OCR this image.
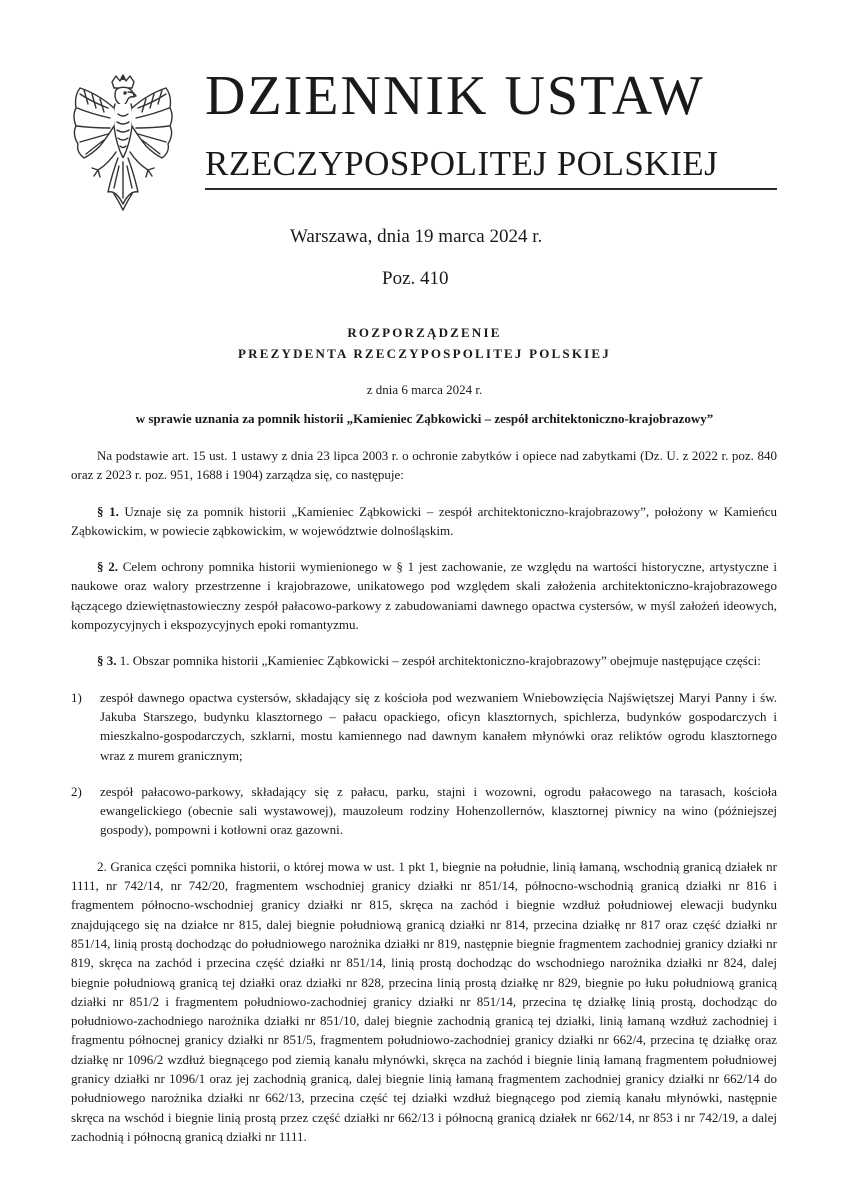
DZIENNIK USTAW
RZECZYPOSPOLITEJ POLSKIEJ
Warszawa, dnia 19 marca 2024 r.
Poz. 410
ROZPORZĄDZENIE
PREZYDENTA RZECZYPOSPOLITEJ POLSKIEJ
z dnia 6 marca 2024 r.
w sprawie uznania za pomnik historii „Kamieniec Ząbkowicki – zespół architektoniczno-krajobrazowy”

Na podstawie art. 15 ust. 1 ustawy z dnia 23 lipca 2003 r. o ochronie zabytków i opiece nad zabytkami (Dz. U. z 2022 r. poz. 840 oraz z 2023 r. poz. 951, 1688 i 1904) zarządza się, co następuje:

§ 1. Uznaje się za pomnik historii „Kamieniec Ząbkowicki – zespół architektoniczno-krajobrazowy”, położony w Kamieńcu Ząbkowickim, w powiecie ząbkowickim, w województwie dolnośląskim.

§ 2. Celem ochrony pomnika historii wymienionego w § 1 jest zachowanie, ze względu na wartości historyczne, artystyczne i naukowe oraz walory przestrzenne i krajobrazowe, unikatowego pod względem skali założenia architektoniczno-krajobrazowego łączącego dziewiętnastowieczny zespół pałacowo-parkowy z zabudowaniami dawnego opactwa cystersów, w myśl założeń ideowych, kompozycyjnych i ekspozycyjnych epoki romantyzmu.

§ 3. 1. Obszar pomnika historii „Kamieniec Ząbkowicki – zespół architektoniczno-krajobrazowy” obejmuje następujące części:

1) zespół dawnego opactwa cystersów, składający się z kościoła pod wezwaniem Wniebowzięcia Najświętszej Maryi Panny i św. Jakuba Starszego, budynku klasztornego – pałacu opackiego, oficyn klasztornych, spichlerza, budynków gospodarczych i mieszkalno-gospodarczych, szklarni, mostu kamiennego nad dawnym kanałem młynówki oraz reliktów ogrodu klasztornego wraz z murem granicznym;
2) zespół pałacowo-parkowy, składający się z pałacu, parku, stajni i wozowni, ogrodu pałacowego na tarasach, kościoła ewangelickiego (obecnie sali wystawowej), mauzoleum rodziny Hohenzollernów, klasztornej piwnicy na wino (późniejszej gospody), pompowni i kotłowni oraz gazowni.

2. Granica części pomnika historii, o której mowa w ust. 1 pkt 1, biegnie na południe, linią łamaną, wschodnią granicą działek nr 1111, nr 742/14, nr 742/20, fragmentem wschodniej granicy działki nr 851/14, północno-wschodnią granicą działki nr 816 i fragmentem północno-wschodniej granicy działki nr 815, skręca na zachód i biegnie wzdłuż południowej elewacji budynku znajdującego się na działce nr 815, dalej biegnie południową granicą działki nr 814, przecina działkę nr 817 oraz część działki nr 851/14, linią prostą dochodząc do południowego narożnika działki nr 819, następnie biegnie fragmentem zachodniej granicy działki nr 819, skręca na zachód i przecina część działki nr 851/14, linią prostą dochodząc do wschodniego narożnika działki nr 824, dalej biegnie południową granicą tej działki oraz działki nr 828, przecina linią prostą działkę nr 829, biegnie po łuku południową granicą działki nr 851/2 i fragmentem południowo-zachodniej granicy działki nr 851/14, przecina tę działkę linią prostą, dochodząc do południowo-zachodniego narożnika działki nr 851/10, dalej biegnie zachodnią granicą tej działki, linią łamaną wzdłuż zachodniej i fragmentu północnej granicy działki nr 851/5, fragmentem południowo-zachodniej granicy działki nr 662/4, przecina tę działkę oraz działkę nr 1096/2 wzdłuż biegnącego pod ziemią kanału młynówki, skręca na zachód i biegnie linią łamaną fragmentem południowej granicy działki nr 1096/1 oraz jej zachodnią granicą, dalej biegnie linią łamaną fragmentem zachodniej granicy działki nr 662/14 do południowego narożnika działki nr 662/13, przecina część tej działki wzdłuż biegnącego pod ziemią kanału młynówki, następnie skręca na wschód i biegnie linią prostą przez część działki nr 662/13 i północną granicą działek nr 662/14, nr 853 i nr 742/19, a dalej zachodnią i północną granicą działki nr 1111.
